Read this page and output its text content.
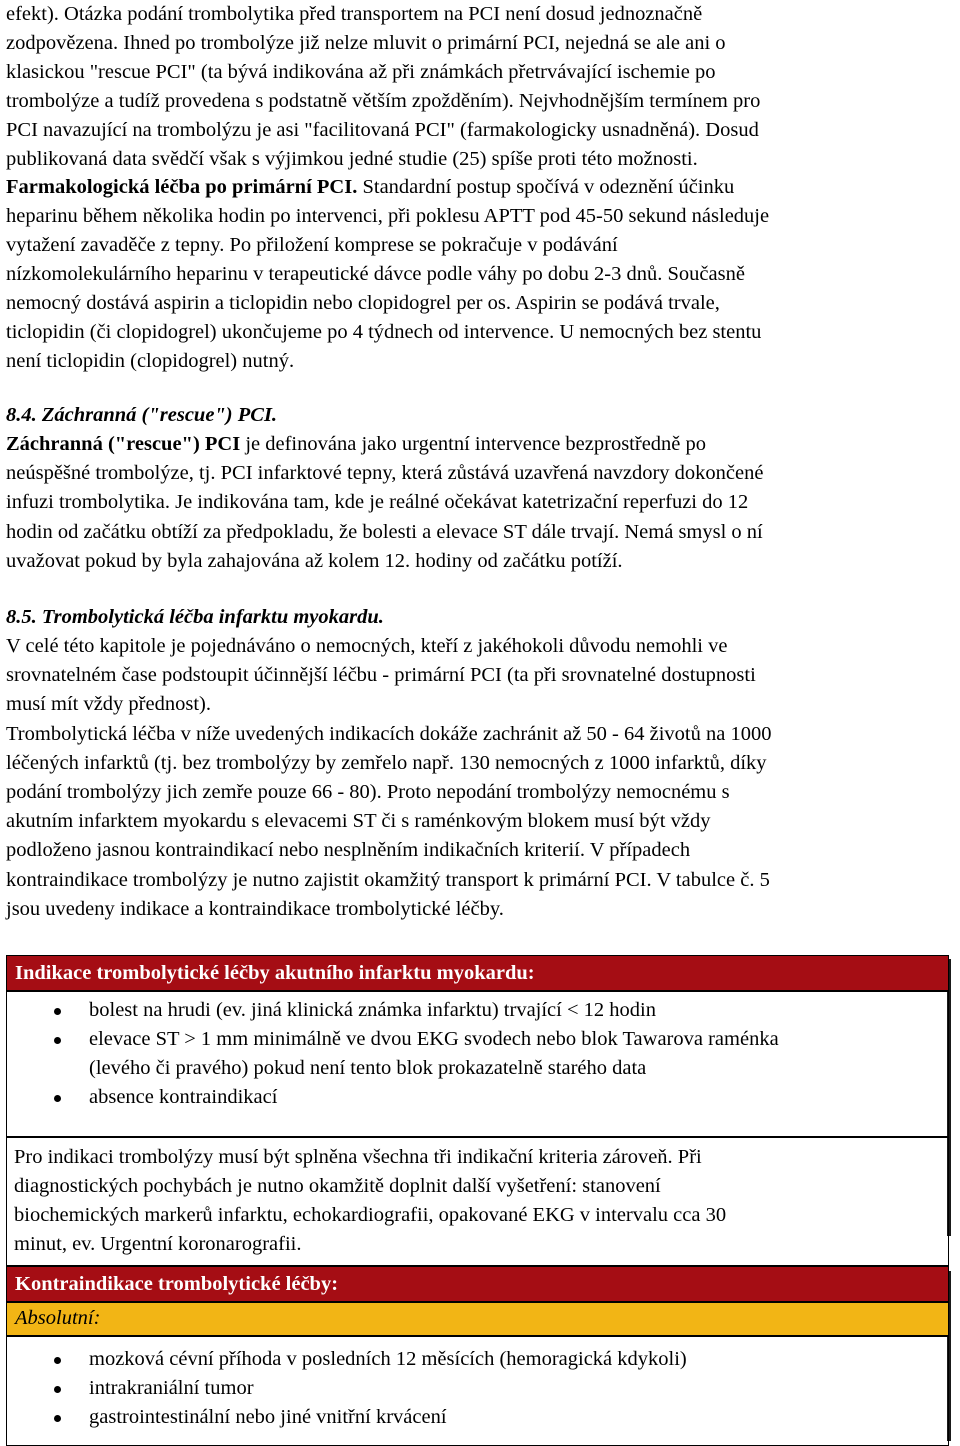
efekt). Otázka podání trombolytika před transportem na PCI není dosud jednoznačně
zodpovězena. Ihned po trombolýze již nelze mluvit o primární PCI, nejedná se ale ani o
klasickou "rescue PCI" (ta bývá indikována až při známkách přetrvávající ischemie po
trombolýze a tudíž provedena s podstatně větším zpožděním). Nejvhodnějším termínem pro
PCI navazující na trombolýzu je asi "facilitovaná PCI" (farmakologicky usnadněná). Dosud
publikovaná data svědčí však s výjimkou jedné studie (25) spíše proti této možnosti.
Farmakologická léčba po primární PCI. Standardní postup spočívá v odeznění účinku
heparinu během několika hodin po intervenci, při poklesu APTT pod 45-50 sekund následuje
vytažení zavaděče z tepny. Po přiložení komprese se pokračuje v podávání
nízkomolekulárního heparinu v terapeutické dávce podle váhy po dobu 2-3 dnů. Současně
nemocný dostává aspirin a ticlopidin nebo clopidogrel per os. Aspirin se podává trvale,
ticlopidin (či clopidogrel) ukončujeme po 4 týdnech od intervence. U nemocných bez stentu
není ticlopidin (clopidogrel) nutný.
8.4. Záchranná ("rescue") PCI.
Záchranná ("rescue") PCI je definována jako urgentní intervence bezprostředně po
neúspěšné trombolýze, tj. PCI infarktové tepny, která zůstává uzavřená navzdory dokončené
infuzi trombolytika. Je indikována tam, kde je reálné očekávat katetrizační reperfuzi do 12
hodin od začátku obtíží za předpokladu, že bolesti a elevace ST dále trvají. Nemá smysl o ní
uvažovat pokud by byla zahajována až kolem 12. hodiny od začátku potíží.
8.5. Trombolytická léčba infarktu myokardu.
V celé této kapitole je pojednáváno o nemocných, kteří z jakéhokoli důvodu nemohli ve
srovnatelném čase podstoupit účinnější léčbu - primární PCI (ta při srovnatelné dostupnosti
musí mít vždy přednost).
Trombolytická léčba v níže uvedených indikacích dokáže zachránit až 50 - 64 životů na 1000
léčených infarktů (tj. bez trombolýzy by zemřelo např. 130 nemocných z 1000 infarktů, díky
podání trombolýzy jich zemře pouze 66 - 80). Proto nepodání trombolýzy nemocnému s
akutním infarktem myokardu s elevacemi ST či s raménkovým blokem musí být vždy
podloženo jasnou kontraindikací nebo nesplněním indikačních kriterií. V případech
kontraindikace trombolýzy je nutno zajistit okamžitý transport k primární PCI. V tabulce č. 5
jsou uvedeny indikace a kontraindikace trombolytické léčby.
Indikace trombolytické léčby akutního infarktu myokardu:
bolest na hrudi (ev. jiná klinická známka infarktu) trvající < 12 hodin
elevace ST > 1 mm minimálně ve dvou EKG svodech nebo blok Tawarova raménka
(levého či pravého) pokud není tento blok prokazatelně starého data
absence kontraindikací
Pro indikaci trombolýzy musí být splněna všechna tři indikační kriteria zároveň. Při
diagnostických pochybách je nutno okamžitě doplnit další vyšetření: stanovení
biochemických markerů infarktu, echokardiografii, opakované EKG v intervalu cca 30
minut, ev. Urgentní koronarografii.
Kontraindikace trombolytické léčby:
Absolutní:
mozková cévní příhoda v posledních 12 měsících (hemoragická kdykoli)
intrakraniální tumor
gastrointestinální nebo jiné vnitřní krvácení
